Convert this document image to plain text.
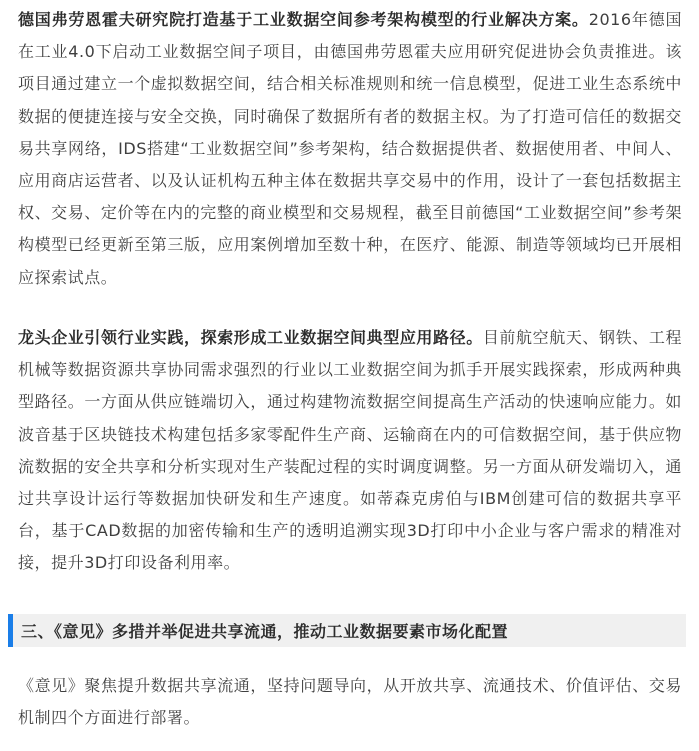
德国弗劳恩霍夫研究院打造基于工业数据空间参考架构模型的行业解决方案。2016年德国在工业4.0下启动工业数据空间子项目，由德国弗劳恩霍夫应用研究促进协会负责推进。该项目通过建立一个虚拟数据空间，结合相关标准规则和统一信息模型，促进工业生态系统中数据的便捷连接与安全交换，同时确保了数据所有者的数据主权。为了打造可信任的数据交易共享网络，IDS搭建“工业数据空间”参考架构，结合数据提供者、数据使用者、中间人、应用商店运营者、以及认证机构五种主体在数据共享交易中的作用，设计了一套包括数据主权、交易、定价等在内的完整的商业模型和交易规程，截至目前德国“工业数据空间”参考架构模型已经更新至第三版，应用案例增加至数十种，在医疗、能源、制造等领域均已开展相应探索试点。

龙头企业引领行业实践，探索形成工业数据空间典型应用路径。目前航空航天、钢铁、工程机械等数据资源共享协同需求强烈的行业以工业数据空间为抓手开展实践探索，形成两种典型路径。一方面从供应链端切入，通过构建物流数据空间提高生产活动的快速响应能力。如波音基于区块链技术构建包括多家零配件生产商、运输商在内的可信数据空间，基于供应物流数据的安全共享和分析实现对生产装配过程的实时调度调整。另一方面从研发端切入，通过共享设计运行等数据加快研发和生产速度。如蒂森克虏伯与IBM创建可信的数据共享平台，基于CAD数据的加密传输和生产的透明追溯实现3D打印中小企业与客户需求的精准对接，提升3D打印设备利用率。

《意见》聚焦提升数据共享流通，坚持问题导向，从开放共享、流通技术、价值评估、交易机制四个方面进行部署。

三、《意见》多措并举促进共享流通，推动工业数据要素市场化配置
